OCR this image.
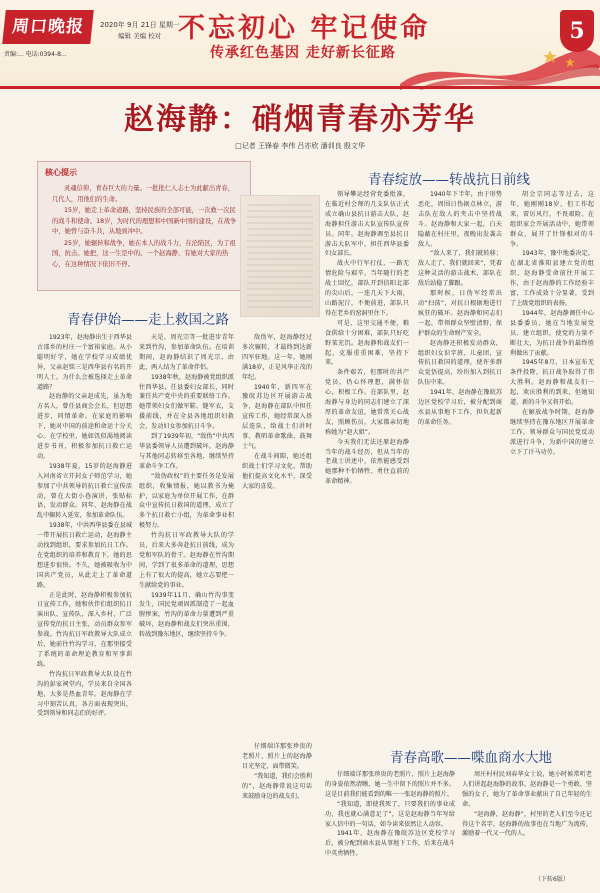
周口晚报	2020年 9月 21日 星期一
编辑 美编 校对
责编:... 电话:0394-8...
不忘初心 牢记使命
传承红色基因 走好新长征路
5
赵海静：硝烟青春亦芳华
□记者 王锋春 李伟 吕亦欣 潘训良 殷文华
核心提示

灵魂信仰，青春巨大的力量。一批批仁人志士为此献出青春，几代人，用他们的生命。

15岁，她走上革命道路，坚持民族的全部可能，一次救一次民的战斗和使命。18岁，为时代的理想和中国新中国的建设，在战争中，她曾与奋斗共，从地到冲中。

25岁，她辗转和战争，她在本人的战斗力，在沦陷区，为了祖国，抗击。她把，这一生是中的。一个赵海静，有她对大家的热心，在这种情况下依旧不停。

青春伊始——走上救国之路
青春绽放——转战抗日前线
青春高歌——喋血商水大地

1923年，赵海静出生于西华县古邵乡的村庄一个富裕家庭。从小聪明好学，她在学校学习成绩优异，父亲赵铭三是西华县有名的开明人士。为什么会被选择走上革命道路？

赵海静的父亲赵成先，虽为地方名人，曾任县商会会长，但思想进步，同情革命。在家庭的影响下，她对中国的前途和命运十分关心。在学校里，她如饥似渴地阅读进步书刊，积极参加抗日救亡运动。

1938年夏，15岁的赵海静进入河南省立开封女子师范学习，她参加了中共领导的抗日救亡宣传活动，曾在大街小巷演讲，张贴标语，发动群众。同年，赵海静在战乱中辗转入延安，参加革命队伍。

1938年，中共西华县委在县城一带开展抗日救亡运动，赵海静主动找到组织，要求参加抗日工作。在党组织的培养和教育下，她的思想进步很快。不久，她被吸收为中国共产党员，从此走上了革命道路。

正是此时，赵海静积极参加抗日宣传工作，她和伙伴们组织抗日演出队、宣传队，深入乡村，广泛宣传党的抗日主张，动员群众参军参战。竹沟抗日军政教导大队成立后，她前往竹沟学习，在那里接受了系统的革命理论教育和军事训练。

竹沟抗日军政教导大队设在竹沟的彭家祠堂内，学员来自全国各地，大多是热血青年。赵海静在学习中刻苦认真，各方面表现突出，受到领导和同志们的好评。

天是，周光宗等一批进步青年来到竹沟，参加革命队伍。在培训期间，赵海静结识了周光宗，由此，两人结为了革命伴侣。

1938年秋，赵海静被党组织派往西华县，任县委妇女部长，同时兼任共产党中央的重要联络工作。她带领妇女们做军鞋、缝军衣，支援前线，并在全县各地组织妇救会，发动妇女参加抗日斗争。

到了1939年初，“敌伪”中共西华县委领导人员遭到破坏，赵海静与其他同志转移至各地，继续坚持革命斗争工作。

“敌伪政权”的主要任务是发展组织，收集情报，她以教书为掩护，以家庭为单位开展工作，在群众中宣传抗日救国的道理，成立了多个抗日救亡小组，为革命事业积极努力。

竹沟抗日军政教导大队的学员，后来大多奔赴抗日前线，成为党和军队的骨干。赵海静在竹沟期间，学到了很多革命的道理，思想上有了很大的提高，她立志要把一生献给党的事业。

1939年11月，确山竹沟事变发生，国民党顽固派制造了一起血腥惨案，竹沟的革命力量遭到严重破坏，赵海静和战友们突出重围，转战到豫东地区，继续坚持斗争。

敌伪军，赵海静经过多次辗转，才最终到达新四军驻地。这一年，她刚满18岁，正是风华正茂的年纪。

1940年，新四军在豫皖苏边区开展游击战争，赵海静在部队中担任宣传工作，她经常深入基层连队，给战士们讲时事、教唱革命歌曲，鼓舞士气。

在战斗间隙，她还组织战士们学习文化，帮助他们提高文化水平，深受大家的喜爱。

仔细端详那张珍贵的老照片，照片上的赵海静目光坚定，面带微笑。

“我知道，我们会胜利的”，赵海静常说这句话来鼓励身边的战友们。

领导攀运经营党委批准，在临近村会师的几支队伍正式成立确山县抗日游击大队，赵海静担任游击大队宣传队宣传员。同年，赵海静调至县抗日游击大队军中，担任西华县委妇女部长。

战火中行军打仗，一路无情危险与艰辛，当年随行的老战士回忆，部队开到信阳北部的尖山后，一连几天下大雨，山路泥泞，不便前进，部队只得在老乡的窑洞里住下。

可是，这里交通不便，粮食供给十分困难，部队只好吃野菜充饥。赵海静和战友们一起，克服重重困难，坚持下来。

条件艰苦，但那时的共产党员，仍心怀理想，满怀信心，积极工作。在部队里，赵海静与身边的同志们建立了深厚的革命友谊，她常常关心战友，照顾伤员，大家都亲切地称她为“赵大姐”。

今天我们无法还原赵海静当年的战斗经历，但从当年的老战士讲述中，依然能感受到她那种不怕牺牲、勇往直前的革命精神。

1940年下半年，由于形势恶化，周围日伪据点林立，游击队在敌人的夹击中坚持战斗。赵海静和大家一起，白天隐蔽在村庄里，夜晚出发袭击敌人。

“敌人来了，我们就转移；敌人走了，我们就回来”，凭着这种灵活的游击战术，部队在敌后站稳了脚跟。

那时候，日伪军经常出动“扫荡”，对抗日根据地进行疯狂的破坏。赵海静和同志们一起，带领群众坚壁清野，保护群众的生命财产安全。

赵海静还积极发动群众，组织妇女识字班、儿童团，宣传抗日救国的道理，使许多群众觉悟提高，纷纷加入到抗日队伍中来。

1941年，赵海静在豫皖苏边区党校学习后，被分配到商水县从事地下工作，担负起新的革命任务。

胡会宗同志等过去，这年，她刚刚18岁，但工作起来，雷厉风行，不畏艰险。在组织家会开展活动中，她带领群众，展开了针锋相对的斗争。

1943年，豫中地委决定，在湖北省淮阳县建立党的组织，赵海静受命前往开展工作，由于赵海静的工作经验丰富，工作成效十分显著，受到了上级党组织的表扬。

1944年，赵海静调任中心县委委员，她在当地发展党员、建立组织，使党的力量不断壮大，为抗日战争的最终胜利做出了贡献。

1945年8月，日本宣布无条件投降，抗日战争取得了伟大胜利。赵海静和战友们一起，欢庆胜利的到来，但她知道，新的斗争又将开始。

在解放战争时期，赵海静继续坚持在豫东地区开展革命工作，领导群众与国民党反动派进行斗争，为新中国的建立立下了汗马功劳。

仔细端详那张珍贵的老照片，照片上赵海静的身姿依然清晰，她一生中留下的照片并不多。这是目前我们能看到的唯一一张赵海静的照片。

“我知道，即使我死了，只要我们的事业成功，我也就心满意足了”，这是赵海静当年写给家人信中的一句话，如今读来依然让人动容。

1941年，赵海静在豫皖苏边区党校学习后，被分配到商水县从事地下工作，后来在战斗中英勇牺牲。

周庄村村民刘春华女士说，她小时候常听老人们讲起赵海静的故事，赵海静是一个勇敢、坚强的女子，她为了革命事业献出了自己年轻的生命。

“赵海静，赵海静”，村里的老人们至今还记得这个名字，赵海静的故事也在当地广为流传，激励着一代又一代的人。

（下转6版）
